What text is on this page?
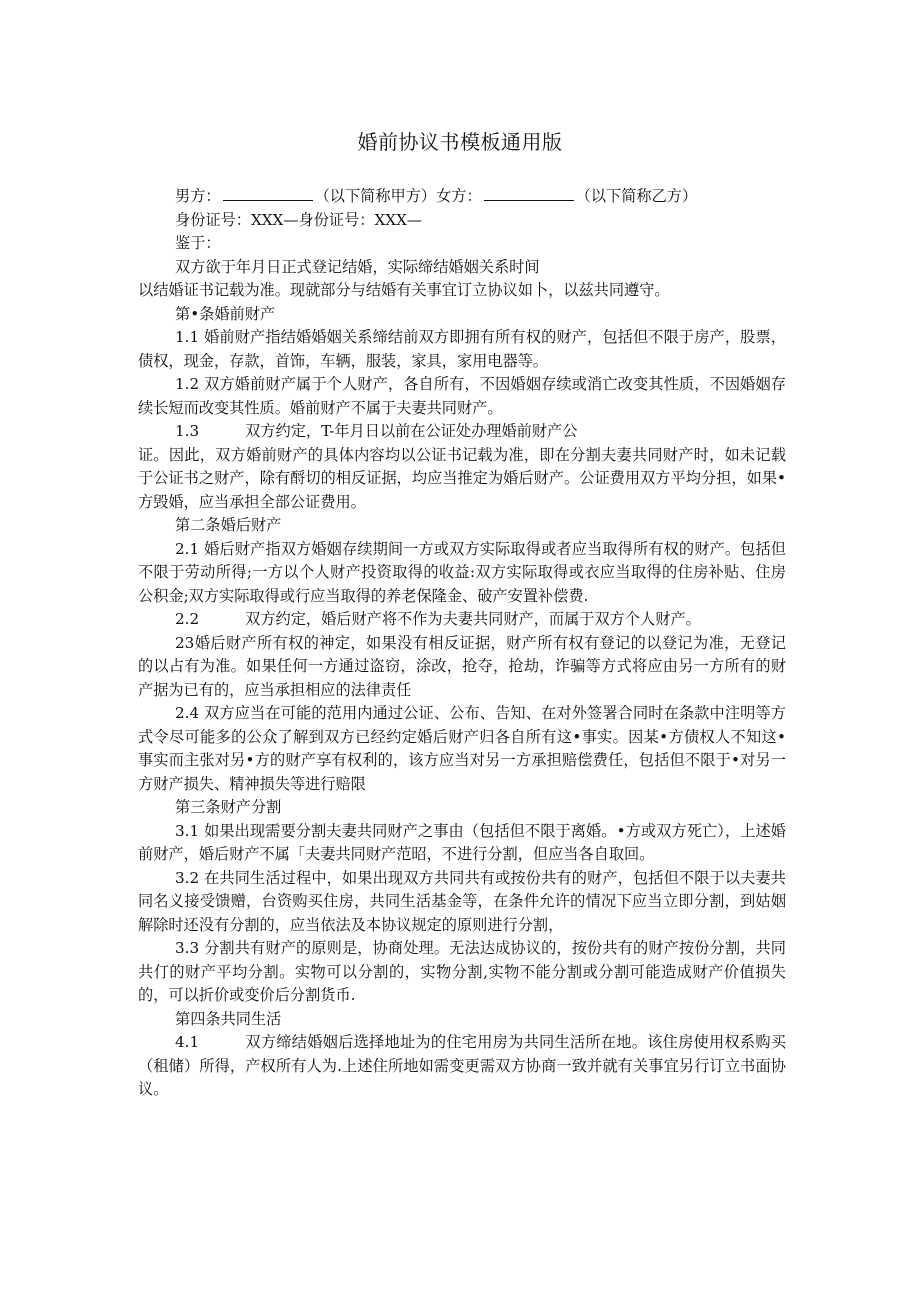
婚前协议书模板通用版

男方：	（以下简称甲方）女方：	（以下简称乙方）

身份证号：XXX—身份证号：XXX—

鉴于：

双方欲于年月日正式登记结婚，实际缔结婚姻关系时间

以结婚证书记载为准。现就部分与结婚有关事宜订立协议如卜，以兹共同遵守。

第•条婚前财产

1.1 婚前财产指结婚婚姻关系缔结前双方即拥有所有权的财产，包括但不限于房产，股票，债权，现金，存款，首饰，车辆，服装，家具，家用电器等。

1.2 双方婚前财产属于个人财产，各自所有，不因婚姻存续或消亡改变其性质，不因婚姻存续长短而改变其性质。婚前财产不属于夫妻共同财产。

1.3	双方约定，T-年月日以前在公证处办理婚前财产公

证。因此，双方婚前财产的具体内容均以公证书记载为准，即在分割夫妻共同财产时，如未记载于公证书之财产，除有酹切的相反证据，均应当推定为婚后财产。公证费用双方平均分担，如果•方毁婚，应当承担全部公证费用。

第二条婚后财产

2.1 婚后财产指双方婚姻存续期间一方或双方实际取得或者应当取得所有权的财产。包括但不限于劳动所得;一方以个人财产投资取得的收益:双方实际取得或衣应当取得的住房补贴、住房公积金;双方实际取得或行应当取得的养老保隆金、破产安置补偿费.

2.2	双方约定，婚后财产将不作为夫妻共同财产，而属于双方个人财产。

23婚后财产所有权的神定，如果没有相反证据，财产所有权有登记的以登记为准，无登记的以占有为准。如果任何一方通过盗窃，涂改，抢夺，抢劫，诈骗等方式将应由另一方所有的财产据为已有的，应当承担相应的法律责任

2.4 双方应当在可能的范用内通过公证、公布、告知、在对外签署合同时在条款中注明等方式令尽可能多的公众了解到双方已经约定婚后财产归各自所有这•事实。因某•方债权人不知这•事实而主张对另•方的财产享有权利的，该方应当对另一方承担赔偿费任，包括但不限于•对另一方财产损失、精神损失等进行赔限

第三条财产分割

3.1 如果出现需要分割夫妻共同财产之事由（包括但不限于离婚。•方或双方死亡），上述婚前财产，婚后财产不属「夫妻共同财产范昭，不进行分割，但应当各自取回。

3.2 在共同生活过程中，如果出现双方共同共有或按份共有的财产，包括但不限于以夫妻共同名义接受馈赠，台资购买住房，共同生活基金等，在条件允许的情况下应当立即分割，到姑姻解除时还没有分割的，应当依法及本协议规定的原则进行分割，

3.3 分割共有财产的原则是，协商处理。无法达成协议的，按份共有的财产按份分割，共同共仃的财产平均分割。实物可以分割的，实物分割,实物不能分割或分割可能造成财产价值损失的，可以折价或变价后分割货币.

第四条共同生活

4.1	双方缔结婚姻后选择地址为的住宅用房为共同生活所在地。该住房使用权系购买（租储）所得，产权所有人为.上述住所地如需变更需双方协商一致并就有关事宜另行订立书面协议。
